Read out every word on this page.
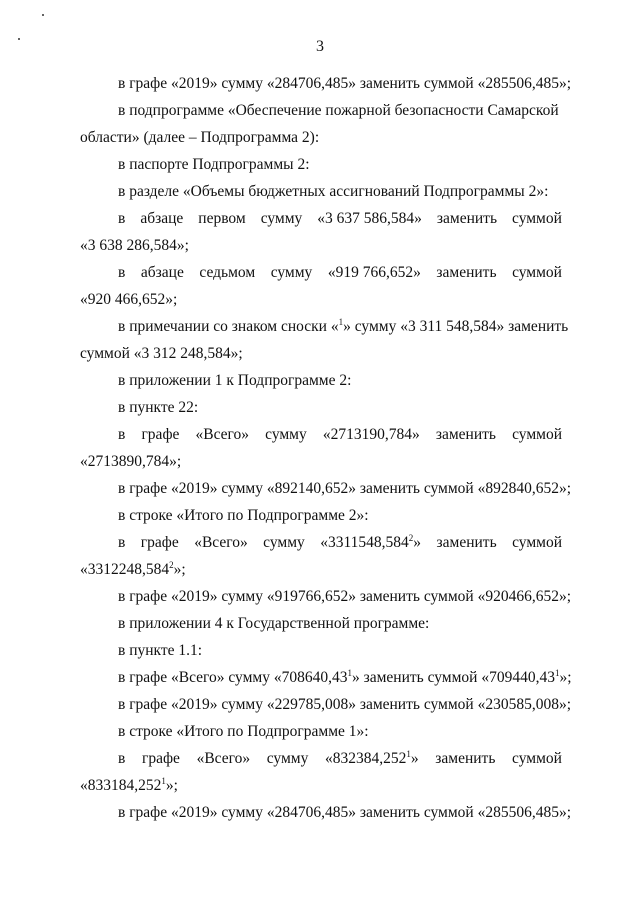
3
в графе «2019» сумму «284706,485» заменить суммой «285506,485»;
в подпрограмме «Обеспечение пожарной безопасности Самарской
области» (далее – Подпрограмма 2):
в паспорте Подпрограммы 2:
в разделе «Объемы бюджетных ассигнований Подпрограммы 2»:
в абзаце первом сумму «3 637 586,584» заменить суммой
«3 638 286,584»;
в абзаце седьмом сумму «919 766,652» заменить суммой
«920 466,652»;
в примечании со знаком сноски «$^1$» сумму «3 311 548,584» заменить
суммой «3 312 248,584»;
в приложении 1 к Подпрограмме 2:
в пункте 22:
в графе «Всего» сумму «2713190,784» заменить суммой
«2713890,784»;
в графе «2019» сумму «892140,652» заменить суммой «892840,652»;
в строке «Итого по Подпрограмме 2»:
в графе «Всего» сумму «3311548,584$^2$» заменить суммой
«3312248,584$^2$»;
в графе «2019» сумму «919766,652» заменить суммой «920466,652»;
в приложении 4 к Государственной программе:
в пункте 1.1:
в графе «Всего» сумму «708640,43$^1$» заменить суммой «709440,43$^1$»;
в графе «2019» сумму «229785,008» заменить суммой «230585,008»;
в строке «Итого по Подпрограмме 1»:
в графе «Всего» сумму «832384,252$^1$» заменить суммой
«833184,252$^1$»;
в графе «2019» сумму «284706,485» заменить суммой «285506,485»;
